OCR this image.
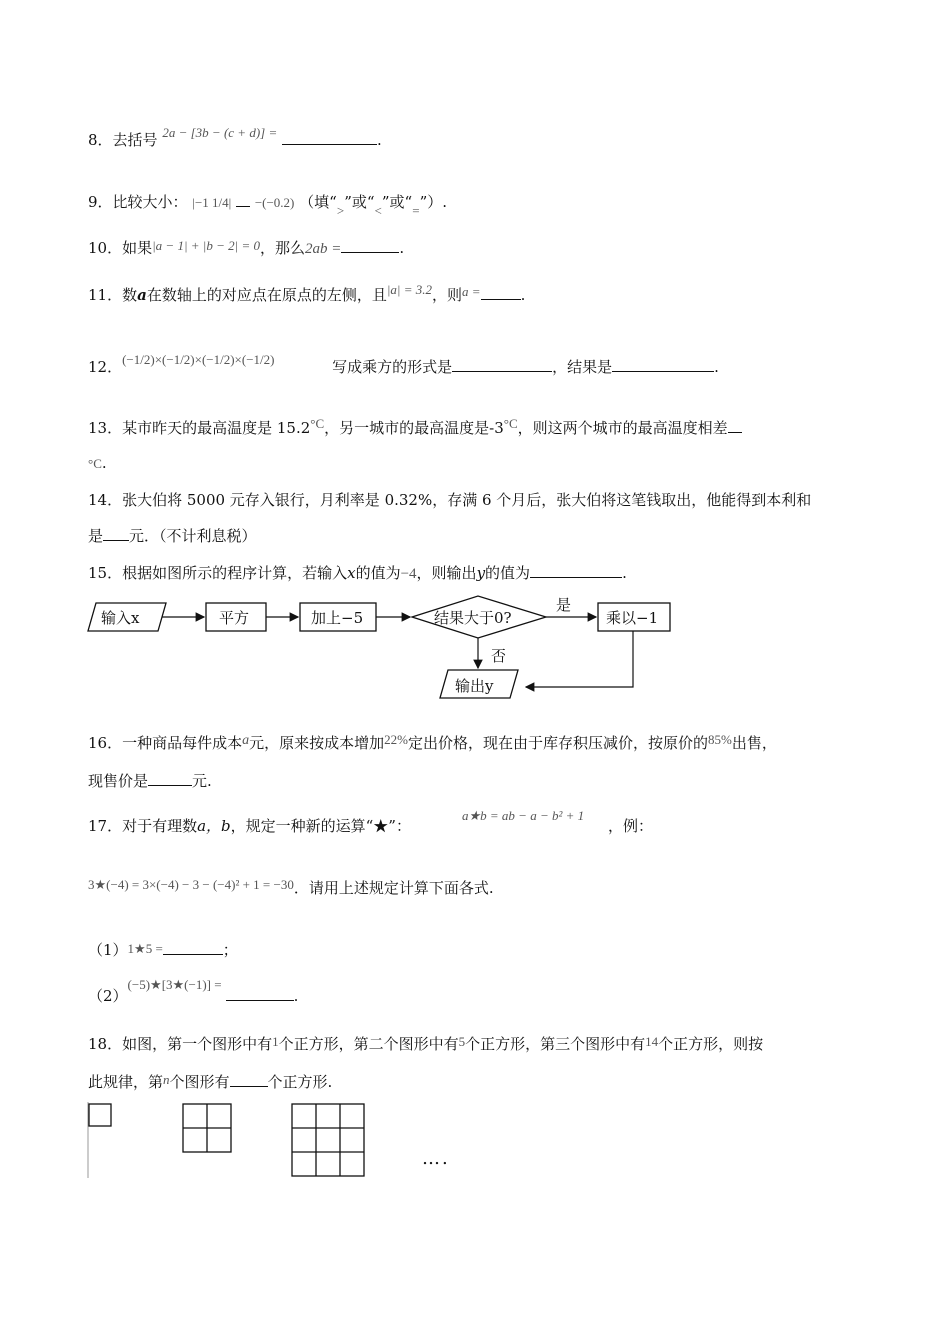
8．去括号 2a − [3b − (c + d)] =	.
9．比较大小： |−1 1/4| −(−0.2) （填“>”或“<”或“=”）.
10．如果|a − 1| + |b − 2| = 0，那么2ab =	.
11．数a在数轴上的对应点在原点的左侧，且|a| = 3.2，则a =	.
12．(−1/2)×(−1/2)×(−1/2)×(−1/2)	写成乘方的形式是	，结果是	.
13．某市昨天的最高温度是 15.2°C，另一城市的最高温度是-3°C，则这两个城市的最高温度相差
°C.
14．张大伯将 5000 元存入银行，月利率是 0.32%，存满 6 个月后，张大伯将这笔钱取出，他能得到本利和
是 元．（不计利息税）
15．根据如图所示的程序计算，若输入x的值为−4，则输出y的值为	.
输入x	平方	加上−5	结果大于0?
是
乘以−1
否
输出y
16．一种商品每件成本a元，原来按成本增加22%定出价格，现在由于库存积压减价，按原价的85%出售，
现售价是	元.
17．对于有理数a，b，规定一种新的运算“★”：
a★b = ab − a − b² + 1
，例：
3★(−4) = 3×(−4) − 3 − (−4)² + 1 = −30．请用上述规定计算下面各式.
（1）1★5 =	；
（2）(−5)★[3★(−1)] =.
18．如图，第一个图形中有1个正方形，第二个图形中有5个正方形，第三个图形中有14个正方形，则按
此规律，第n个图形有	个正方形.
….
